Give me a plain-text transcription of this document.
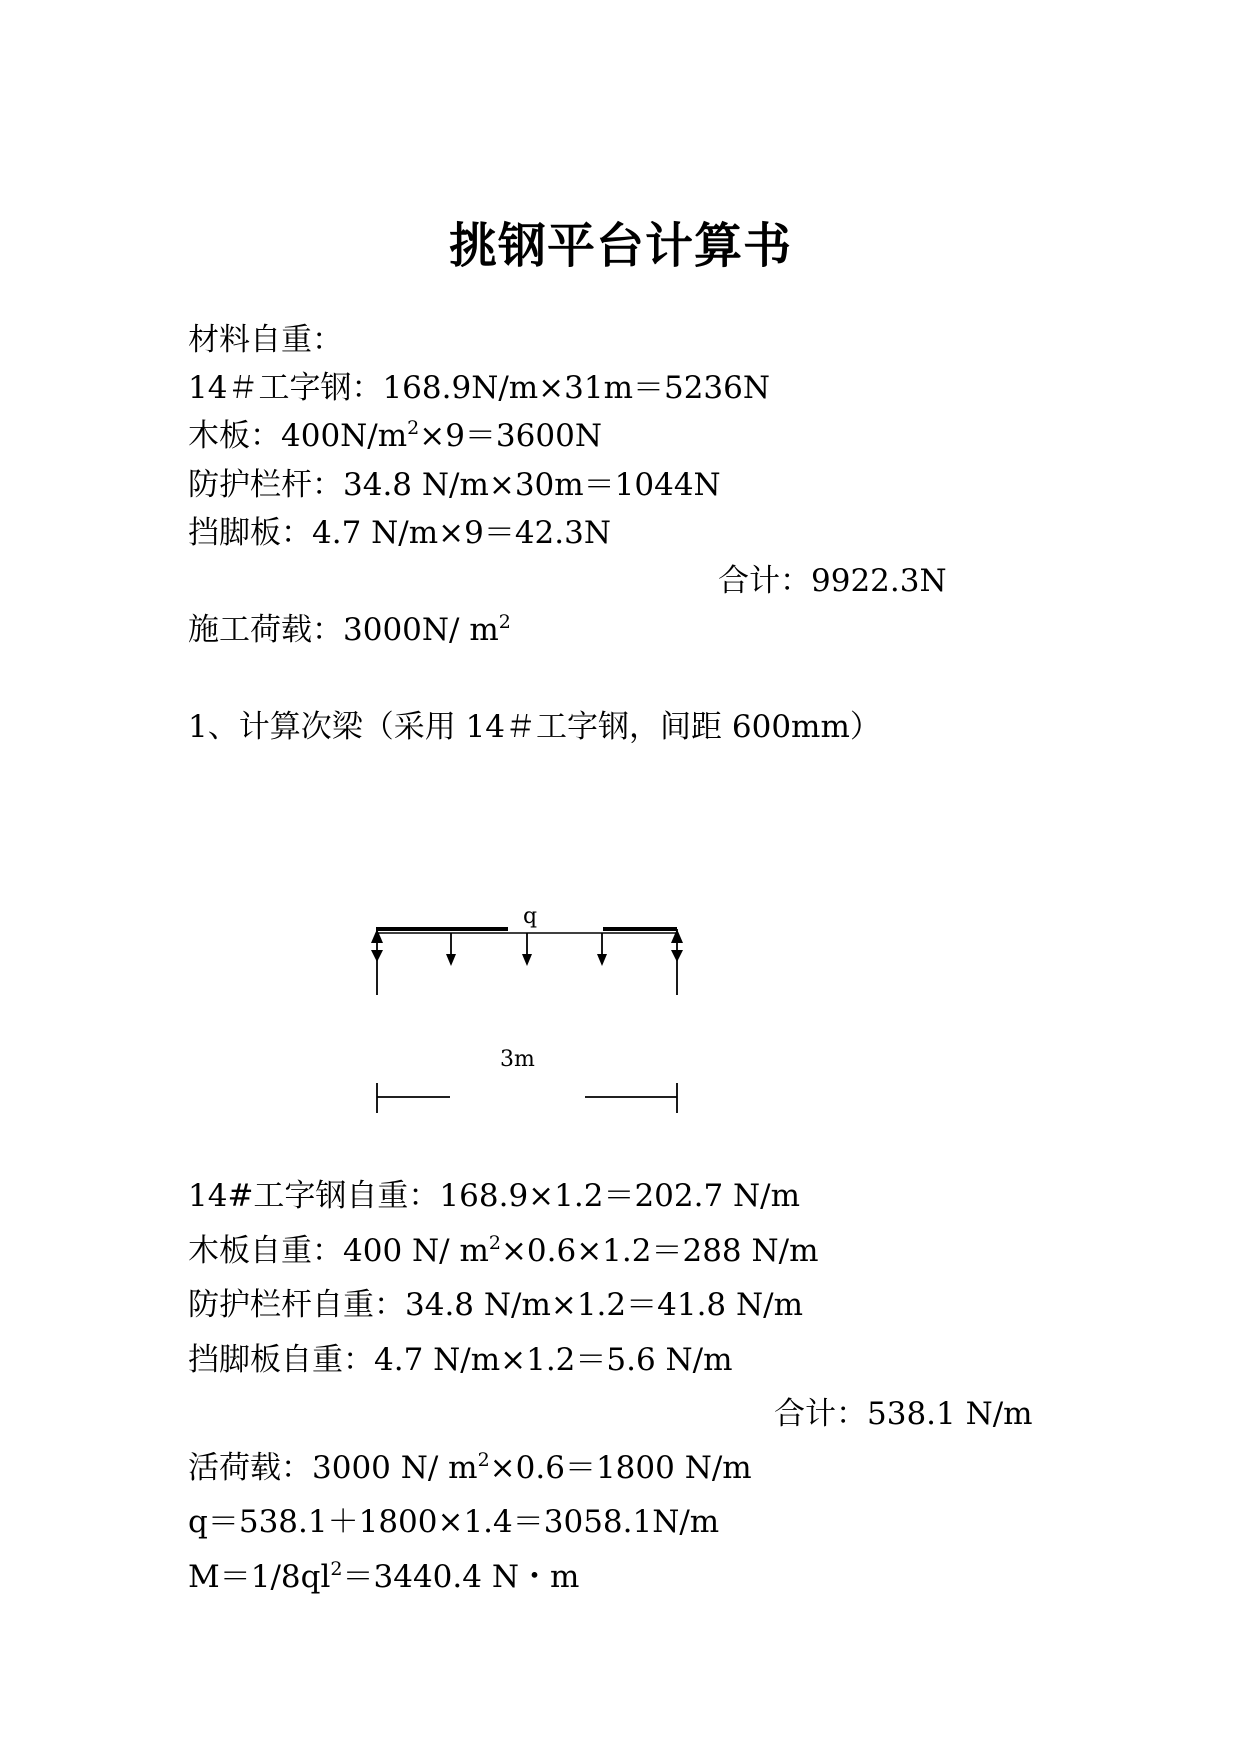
挑钢平台计算书
材料自重：
14＃工字钢：168.9N/m×31m＝5236N
木板：$400N/m^2\times 9=3600N$
防护栏杆：34.8 N/m×30m＝1044N
挡脚板：4.7 N/m×9＝42.3N
合计：9922.3N
施工荷载：3000N/ $m^2$
1、计算次梁（采用 14＃工字钢，间距 600mm）
q
3m
14#工字钢自重：168.9×1.2＝202.7 N/m
木板自重：400 N/ $m^2\times 0.6\times 1.2=288$ N/m
防护栏杆自重：34.8 N/m×1.2＝41.8 N/m
挡脚板自重：4.7 N/m×1.2＝5.6 N/m
合计：538.1 N/m
活荷载：3000 N/ $m^2\times 0.6=1800$ N/m
q＝538.1＋1800×1.4＝3058.1N/m
$M=1/8ql^2=3440.4$ N・m
